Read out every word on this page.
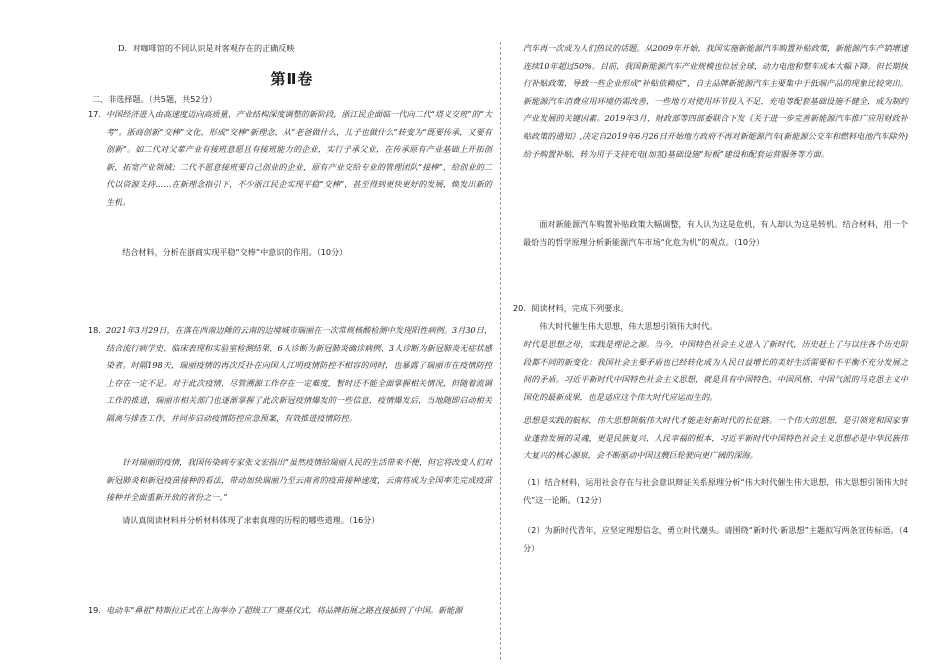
D．对咖啡馆的不同认识是对客观存在的正确反映

第Ⅱ卷

二、非选择题。（共5题，共52分）

17． 中国经济进入由高速度迈向高质量、产业结构深度调整的新阶段，浙江民企面临一代向二代“塔义交班”的“大考”。浙商创新“交棒”文化，形成“交棒”新理念，从“老爸做什么，儿子也做什么”转变为“既要传承，又要有创新”。如二代对父辈产业有接班意愿且有接班能力的企业，实行子承父业，在传承原有产业基础上开拓创新，拓宽产业领域；二代不愿意接班要自己创业的企业，原有产业交给专业的管理团队“接棒”，给创业的二代以资源支持……在新理念指引下，不少浙江民企实现平稳“交棒”，甚至得到更快更好的发展，焕发出新的生机。

结合材料，分析在浙商实现平稳“交棒”中意识的作用。（10分）

18． 2021年3月29日，在落在西南边陲的云南的边境城市瑞丽在一次常规核酸检测中发现阳性病例。3月30日，结合流行病学史、临床表现和实验室检测结果，6人诊断为新冠肺炎确诊病例、3人诊断为新冠肺炎无症状感染者。时隔198天，瑞丽疫情的再次反扑在向国人江明疫情防控不相容的同时，也暴露了瑞丽市在疫情防控上存在一定不足。对于此次疫情，尽管溯源工作存在一定难度，暂时还不能全面掌握相关情况，但随着流调工作的推进，瑞丽市相关部门也逐渐掌握了此次新冠疫情爆发的一些信息，疫情爆发后，当地随即启动相关隔离与排查工作，并同步启动疫情防控应急预案，有效推进疫情防控。

针对瑞丽的疫情，我国传染病专家张文宏指出“虽然疫情给瑞丽人民的生活带来不便，但它将改变人们对新冠肺炎和新冠疫苗接种的看法，带动加快瑞丽乃至云南省的疫苗接种速度，云南将成为全国率先完成疫苗接种并全面重新开放的省份之一。”

请认真阅读材料并分析材料体现了求索真理的历程的哪些道理。（16分）

19． 电动车“鼻祖”特斯拉正式在上海举办了超级工厂奠基仪式，将品牌拓展之路直接插到了中国。新能源

汽车再一次成为人们热议的话题。从2009年开始，我国实施新能源汽车购置补贴政策，新能源汽车产销增速连续10年超过50%。目前，我国新能源汽车产业规模也位居全球，动力电池和整车成本大幅下降。但长期执行补贴政策，导致一些企业形成“补贴依赖症”，自主品牌新能源汽车主要集中于低端产品的现象比较突出。新能源汽车消费应用环境仍需改善，一些地方对使用环节投入不足，充电等配套基础设施不健全，成为制约产业发展的关键因素。2019年3月，财政部等四部委联合下发《关于进一步完善新能源汽车推广应用财政补贴政策的通知》,决定自2019年6月26日开始地方政府不再对新能源汽车(新能源公交车和燃料电池汽车除外)给予购置补贴，转为用于支持充电(加氢)基础设施“短板”建设和配套运营服务等方面。

面对新能源汽车购置补贴政策大幅调整，有人认为这是危机，有人却认为这是转机。结合材料，用一个最恰当的哲学原理分析新能源汽车市场“化危为机”的观点。（10分）

20．阅读材料，完成下列要求。

伟大时代催生伟大思想，伟大思想引领伟大时代。

时代是思想之母，实践是理论之源。当今，中国特色社会主义进入了新时代，历史赶上了与以往各个历史阶段都不同的新变化：我国社会主要矛盾也已经转化成为人民日益增长的美好生活需要和不平衡不充分发展之间的矛盾。习近平新时代中国特色社会主义思想，就是具有中国特色、中国风格、中国气派的马克思主义中国化的最新成果，也是适应这个伟大时代应运而生的。

思想是实践的航标，伟大思想领航伟大时代才能走好新时代的长征路。一个伟大的思想，是引领党和国家事业蓬勃发展的灵魂，更是民族复兴、人民幸福的根本，习近平新时代中国特色社会主义思想必是中华民族伟大复兴的核心源泉，会不断驱动中国这艘巨轮驶向更广阔的深海。

（1）结合材料，运用社会存在与社会意识辩证关系原理分析“伟大时代催生伟大思想，伟大思想引领伟大时代”这一论断。（12分）

（2）为新时代青年，应坚定理想信念，勇立时代潮头。请围绕“新时代·新思想”主题拟写两条宣传标语。（4分）
